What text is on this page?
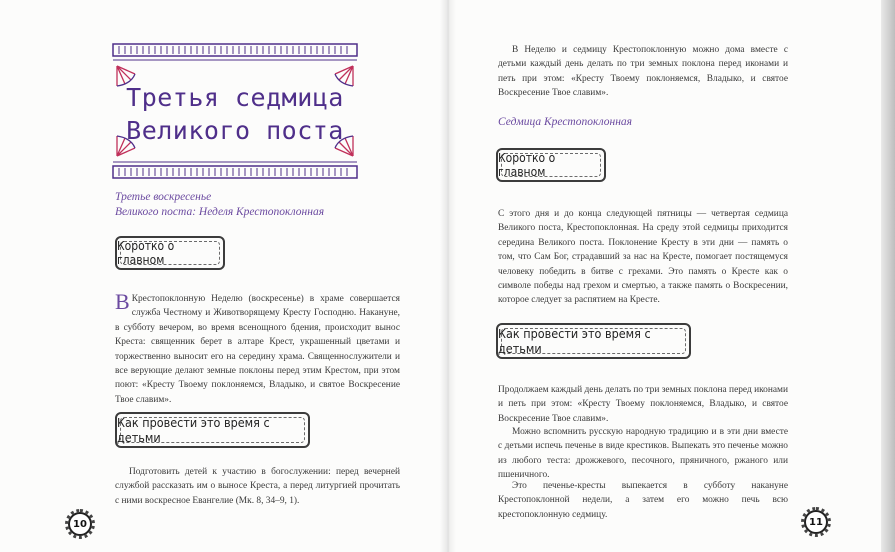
Третья седмица
Великого поста
Третье воскресенье
Великого поста: Неделя Крестопоклонная
Коротко о главном
В Крестопоклонную Неделю (воскресенье) в храме совершается служба Честному и Животворящему Кресту Господню. Накануне, в субботу вечером, во время всенощного бдения, происходит вынос Креста: священник берет в алтаре Крест, украшенный цветами и торжественно выносит его на середину храма. Священнослужители и все верующие делают земные поклоны перед этим Крестом, при этом поют: «Кресту Твоему поклоняемся, Владыко, и святое Воскресение Твое славим».
Как провести это время с детьми

Подготовить детей к участию в богослужении: перед вечерней службой рассказать им о выносе Креста, а перед литургией прочитать с ними воскресное Евангелие (Мк. 8, 34–9, 1).

10

В Неделю и седмицу Крестопоклонную можно дома вместе с детьми каждый день делать по три земных поклона перед иконами и петь при этом: «Кресту Твоему поклоняемся, Владыко, и святое Воскресение Твое славим».

Седмица Крестопоклонная
Коротко о главном

С этого дня и до конца следующей пятницы — четвертая седмица Великого поста, Крестопоклонная. На среду этой седмицы приходится середина Великого поста. Поклонение Кресту в эти дни — память о том, что Сам Бог, страдавший за нас на Кресте, помогает постящемуся человеку победить в битве с грехами. Это память о Кресте как о символе победы над грехом и смертью, а также память о Воскресении, которое следует за распятием на Кресте.

Как провести это время с детьми

Продолжаем каждый день делать по три земных поклона перед иконами и петь при этом: «Кресту Твоему поклоняемся, Владыко, и святое Воскресение Твое славим».

Можно вспомнить русскую народную традицию и в эти дни вместе с детьми испечь печенье в виде крестиков. Выпекать это печенье можно из любого теста: дрожжевого, песочного, пряничного, ржаного или пшеничного.

Это печенье-кресты выпекается в субботу накануне Крестопоклонной недели, а затем его можно печь всю крестопоклонную седмицу.

11
